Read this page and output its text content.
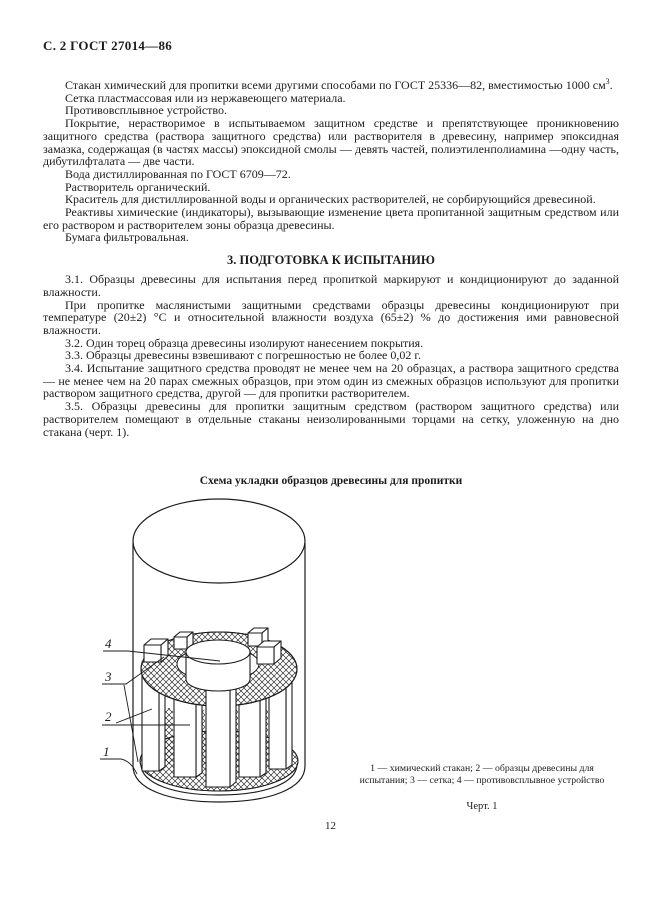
С. 2 ГОСТ 27014—86

Стакан химический для пропитки всеми другими способами по ГОСТ 25336—82, вместимостью 1000 $см^3$.

Сетка пластмассовая или из нержавеющего материала.

Противовсплывное устройство.

Покрытие, нерастворимое в испытываемом защитном средстве и препятствующее проникновению защитного средства (раствора защитного средства) или растворителя в древесину, например эпоксидная замазка, содержащая (в частях массы) эпоксидной смолы — девять частей, полиэтиленполиамина —одну часть, дибутилфталата — две части.

Вода дистиллированная по ГОСТ 6709—72.

Растворитель органический.

Краситель для дистиллированной воды и органических растворителей, не сорбирующийся древесиной.

Реактивы химические (индикаторы), вызывающие изменение цвета пропитанной защитным средством или его раствором и растворителем зоны образца древесины.

Бумага фильтровальная.

3. ПОДГОТОВКА К ИСПЫТАНИЮ

3.1. Образцы древесины для испытания перед пропиткой маркируют и кондиционируют до заданной влажности.

При пропитке маслянистыми защитными средствами образцы древесины кондиционируют при температуре (20±2) °С и относительной влажности воздуха (65±2) % до достижения ими равновесной влажности.

3.2. Один торец образца древесины изолируют нанесением покрытия.

3.3. Образцы древесины взвешивают с погрешностью не более 0,02 г.

3.4. Испытание защитного средства проводят не менее чем на 20 образцах, а раствора защитного средства — не менее чем на 20 парах смежных образцов, при этом один из смежных образцов используют для пропитки раствором защитного средства, другой — для пропитки растворителем.

3.5. Образцы древесины для пропитки защитным средством (раствором защитного средства) или растворителем помещают в отдельные стаканы неизолированными торцами на сетку, уложенную на дно стакана (черт. 1).

Схема укладки образцов древесины для пропитки

4
3
2
1

1 — химический стакан; 2 — образцы древесины для испытания; 3 — сетка; 4 — противовсплывное устройство

Черт. 1

12
